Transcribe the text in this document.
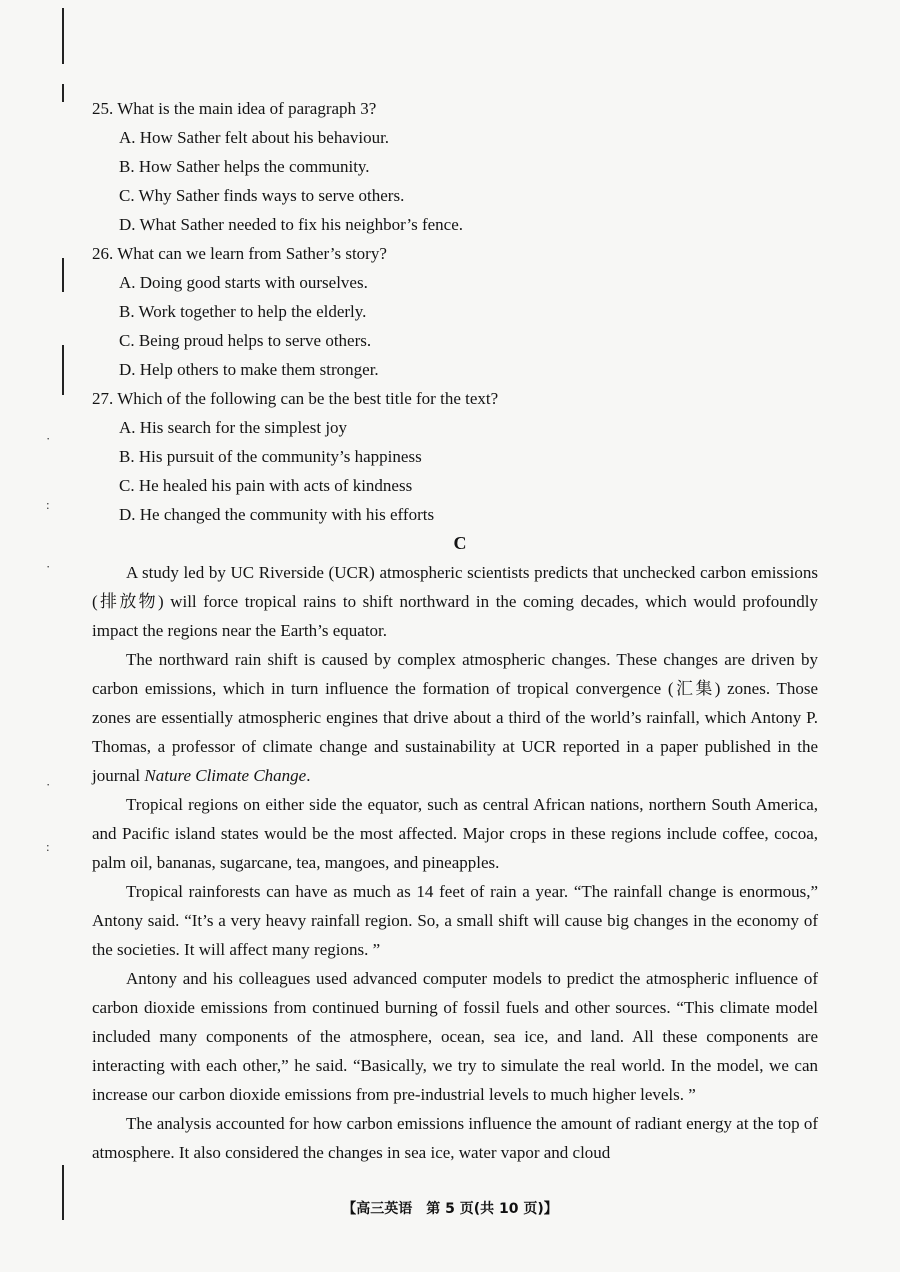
·
:
·
·
:
25. What is the main idea of paragraph 3?
A. How Sather felt about his behaviour.
B. How Sather helps the community.
C. Why Sather finds ways to serve others.
D. What Sather needed to fix his neighbor’s fence.
26. What can we learn from Sather’s story?
A. Doing good starts with ourselves.
B. Work together to help the elderly.
C. Being proud helps to serve others.
D. Help others to make them stronger.
27. Which of the following can be the best title for the text?
A. His search for the simplest joy
B. His pursuit of the community’s happiness
C. He healed his pain with acts of kindness
D. He changed the community with his efforts
C

A study led by UC Riverside (UCR) atmospheric scientists predicts that unchecked carbon emissions (排放物) will force tropical rains to shift northward in the coming decades, which would profoundly impact the regions near the Earth’s equator.

The northward rain shift is caused by complex atmospheric changes. These changes are driven by carbon emissions, which in turn influence the formation of tropical convergence (汇集) zones. Those zones are essentially atmospheric engines that drive about a third of the world’s rainfall, which Antony P. Thomas, a professor of climate change and sustainability at UCR reported in a paper published in the journal Nature Climate Change.

Tropical regions on either side the equator, such as central African nations, northern South America, and Pacific island states would be the most affected. Major crops in these regions include coffee, cocoa, palm oil, bananas, sugarcane, tea, mangoes, and pineapples.

Tropical rainforests can have as much as 14 feet of rain a year. “The rainfall change is enormous,” Antony said. “It’s a very heavy rainfall region. So, a small shift will cause big changes in the economy of the societies. It will affect many regions. ”

Antony and his colleagues used advanced computer models to predict the atmospheric influence of carbon dioxide emissions from continued burning of fossil fuels and other sources. “This climate model included many components of the atmosphere, ocean, sea ice, and land. All these components are interacting with each other,” he said. “Basically, we try to simulate the real world. In the model, we can increase our carbon dioxide emissions from pre-industrial levels to much higher levels. ”

The analysis accounted for how carbon emissions influence the amount of radiant energy at the top of atmosphere. It also considered the changes in sea ice, water vapor and cloud

【高三英语　第 5 页(共 10 页)】
